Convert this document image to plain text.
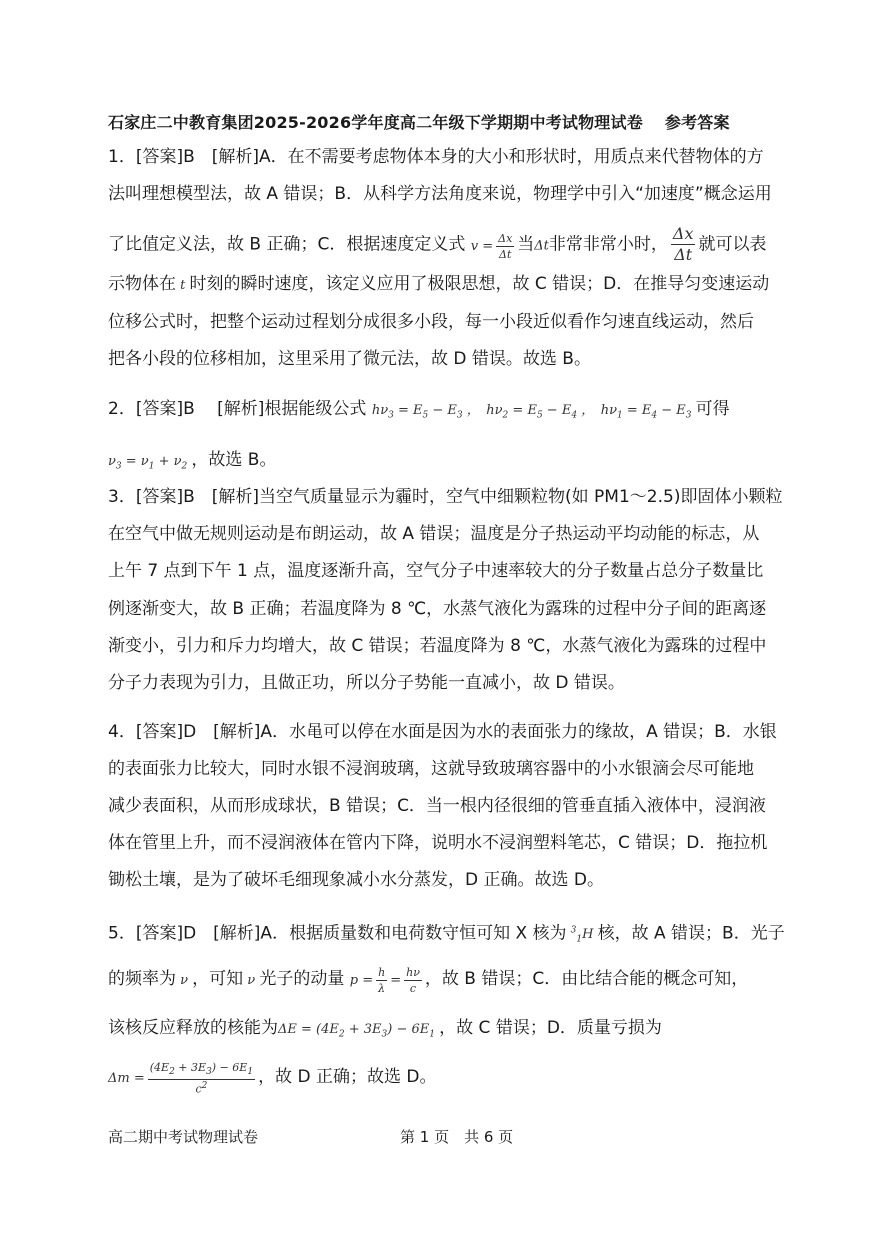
石家庄二中教育集团2025-2026学年度高二年级下学期期中考试物理试卷 参考答案
1．[答案]B　[解析]A．在不需要考虑物体本身的大小和形状时，用质点来代替物体的方
法叫理想模型法，故 A 错误；B．从科学方法角度来说，物理学中引入“加速度”概念运用
了比值定义法，故 B 正确；C．根据速度定义式 $v = \frac{\Delta x}{\Delta t}$ 当Δt非常非常小时， $\frac{\Delta x}{\Delta t}$ 就可以表
示物体在 t 时刻的瞬时速度，该定义应用了极限思想，故 C 错误；D．在推导匀变速运动
位移公式时，把整个运动过程划分成很多小段，每一小段近似看作匀速直线运动，然后
把各小段的位移相加，这里采用了微元法，故 D 错误。故选 B。
2．[答案]B　 [解析]根据能级公式 $h\nu_3 = E_5 - E_3$ ，　$h\nu_2 = E_5 - E_4$ ，　$h\nu_1 = E_4 - E_3$ 可得
$\nu_3 = \nu_1 + \nu_2$ ，故选 B。
3．[答案]B　[解析]当空气质量显示为霾时，空气中细颗粒物(如 PM1～2.5)即固体小颗粒
在空气中做无规则运动是布朗运动，故 A 错误；温度是分子热运动平均动能的标志，从
上午 7 点到下午 1 点，温度逐渐升高，空气分子中速率较大的分子数量占总分子数量比
例逐渐变大，故 B 正确；若温度降为 8 ℃，水蒸气液化为露珠的过程中分子间的距离逐
渐变小，引力和斥力均增大，故 C 错误；若温度降为 8 ℃，水蒸气液化为露珠的过程中
分子力表现为引力，且做正功，所以分子势能一直减小，故 D 错误。
4．[答案]D　[解析]A．水黾可以停在水面是因为水的表面张力的缘故，A 错误；B．水银
的表面张力比较大，同时水银不浸润玻璃，这就导致玻璃容器中的小水银滴会尽可能地
减少表面积，从而形成球状，B 错误；C．当一根内径很细的管垂直插入液体中，浸润液
体在管里上升，而不浸润液体在管内下降，说明水不浸润塑料笔芯，C 错误；D．拖拉机
锄松土壤，是为了破坏毛细现象减小水分蒸发，D 正确。故选 D。
5．[答案]D　[解析]A．根据质量数和电荷数守恒可知 X 核为 $^3_1$H 核，故 A 错误；B．光子
的频率为 ν ，可知 ν 光子的动量 $p = \frac{h}{\lambda} = \frac{h\nu}{c}$ ，故 B 错误；C．由比结合能的概念可知，
该核反应释放的核能为$\Delta E = (4E_2 + 3E_3) - 6E_1$ ，故 C 错误；D．质量亏损为
$\Delta m = \frac{(4E_2 + 3E_3) - 6E_1}{c^2}$ ，故 D 正确；故选 D。
高二期中考试物理试卷	第 1 页　共 6 页
